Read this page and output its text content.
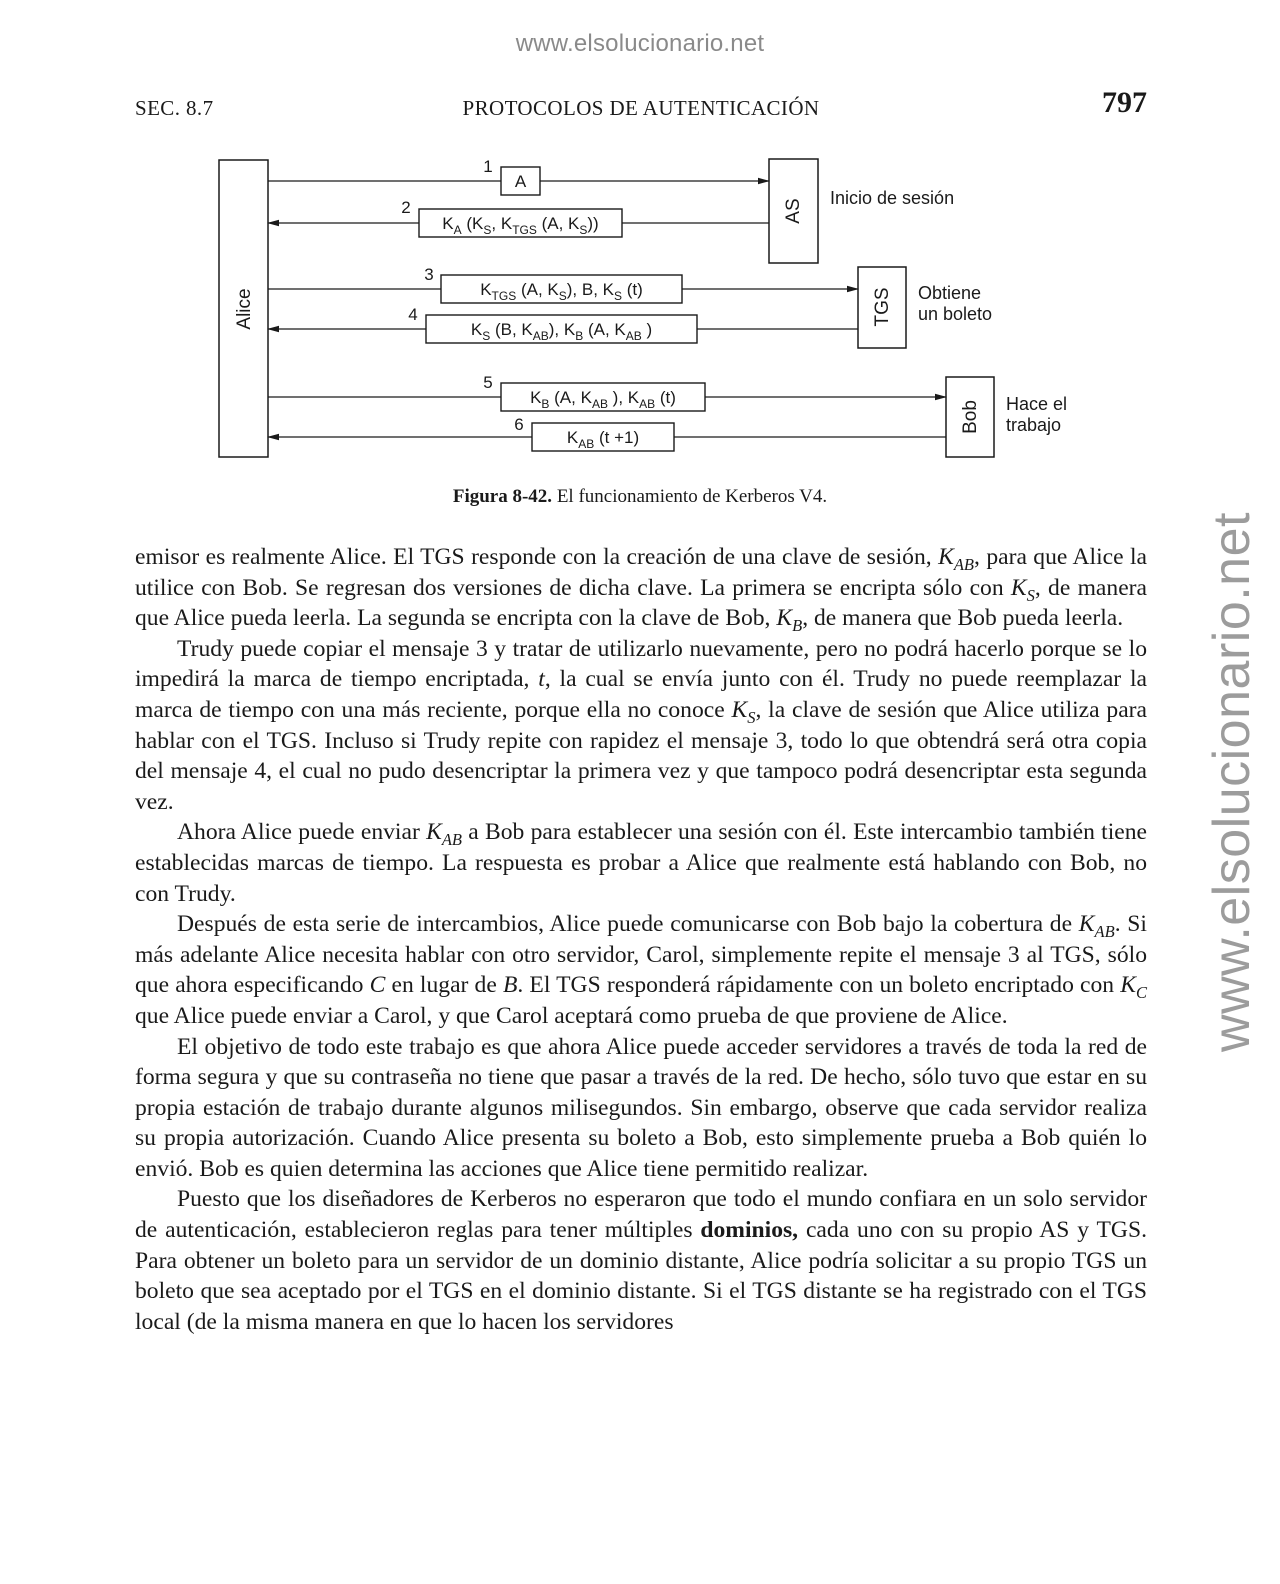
www.elsolucionario.net
www.elsolucionario.net
SEC. 8.7	PROTOCOLOS DE AUTENTICACIÓN	797
Alice
AS
TGS
Bob
Inicio de sesión
Obtiene
un boleto
Hace el
trabajo
1
A
2
$K_A$ ($K_S$, $K_{TGS}$ (A, $K_S$))
3
$K_{TGS}$ (A, $K_S$), B, $K_S$ (t)
4
$K_S$ (B, $K_{AB}$), $K_B$ (A, $K_{AB}$ )
5
$K_B$ (A, $K_{AB}$ ), $K_{AB}$ (t)
6
$K_{AB}$ (t +1)
Figura 8-42. El funcionamiento de Kerberos V4.

emisor es realmente Alice. El TGS responde con la creación de una clave de sesión, $K_{AB}$, para que Alice la utilice con Bob. Se regresan dos versiones de dicha clave. La primera se encripta sólo con $K_S$, de manera que Alice pueda leerla. La segunda se encripta con la clave de Bob, $K_B$, de manera que Bob pueda leerla.

Trudy puede copiar el mensaje 3 y tratar de utilizarlo nuevamente, pero no podrá hacerlo porque se lo impedirá la marca de tiempo encriptada, t, la cual se envía junto con él. Trudy no puede reemplazar la marca de tiempo con una más reciente, porque ella no conoce $K_S$, la clave de sesión que Alice utiliza para hablar con el TGS. Incluso si Trudy repite con rapidez el mensaje 3, todo lo que obtendrá será otra copia del mensaje 4, el cual no pudo desencriptar la primera vez y que tampoco podrá desencriptar esta segunda vez.

Ahora Alice puede enviar $K_{AB}$ a Bob para establecer una sesión con él. Este intercambio también tiene establecidas marcas de tiempo. La respuesta es probar a Alice que realmente está hablando con Bob, no con Trudy.

Después de esta serie de intercambios, Alice puede comunicarse con Bob bajo la cobertura de $K_{AB}$. Si más adelante Alice necesita hablar con otro servidor, Carol, simplemente repite el mensaje 3 al TGS, sólo que ahora especificando C en lugar de B. El TGS responderá rápidamente con un boleto encriptado con $K_C$ que Alice puede enviar a Carol, y que Carol aceptará como prueba de que proviene de Alice.

El objetivo de todo este trabajo es que ahora Alice puede acceder servidores a través de toda la red de forma segura y que su contraseña no tiene que pasar a través de la red. De hecho, sólo tuvo que estar en su propia estación de trabajo durante algunos milisegundos. Sin embargo, observe que cada servidor realiza su propia autorización. Cuando Alice presenta su boleto a Bob, esto simplemente prueba a Bob quién lo envió. Bob es quien determina las acciones que Alice tiene permitido realizar.

Puesto que los diseñadores de Kerberos no esperaron que todo el mundo confiara en un solo servidor de autenticación, establecieron reglas para tener múltiples dominios, cada uno con su propio AS y TGS. Para obtener un boleto para un servidor de un dominio distante, Alice podría solicitar a su propio TGS un boleto que sea aceptado por el TGS en el dominio distante. Si el TGS distante se ha registrado con el TGS local (de la misma manera en que lo hacen los servidores
